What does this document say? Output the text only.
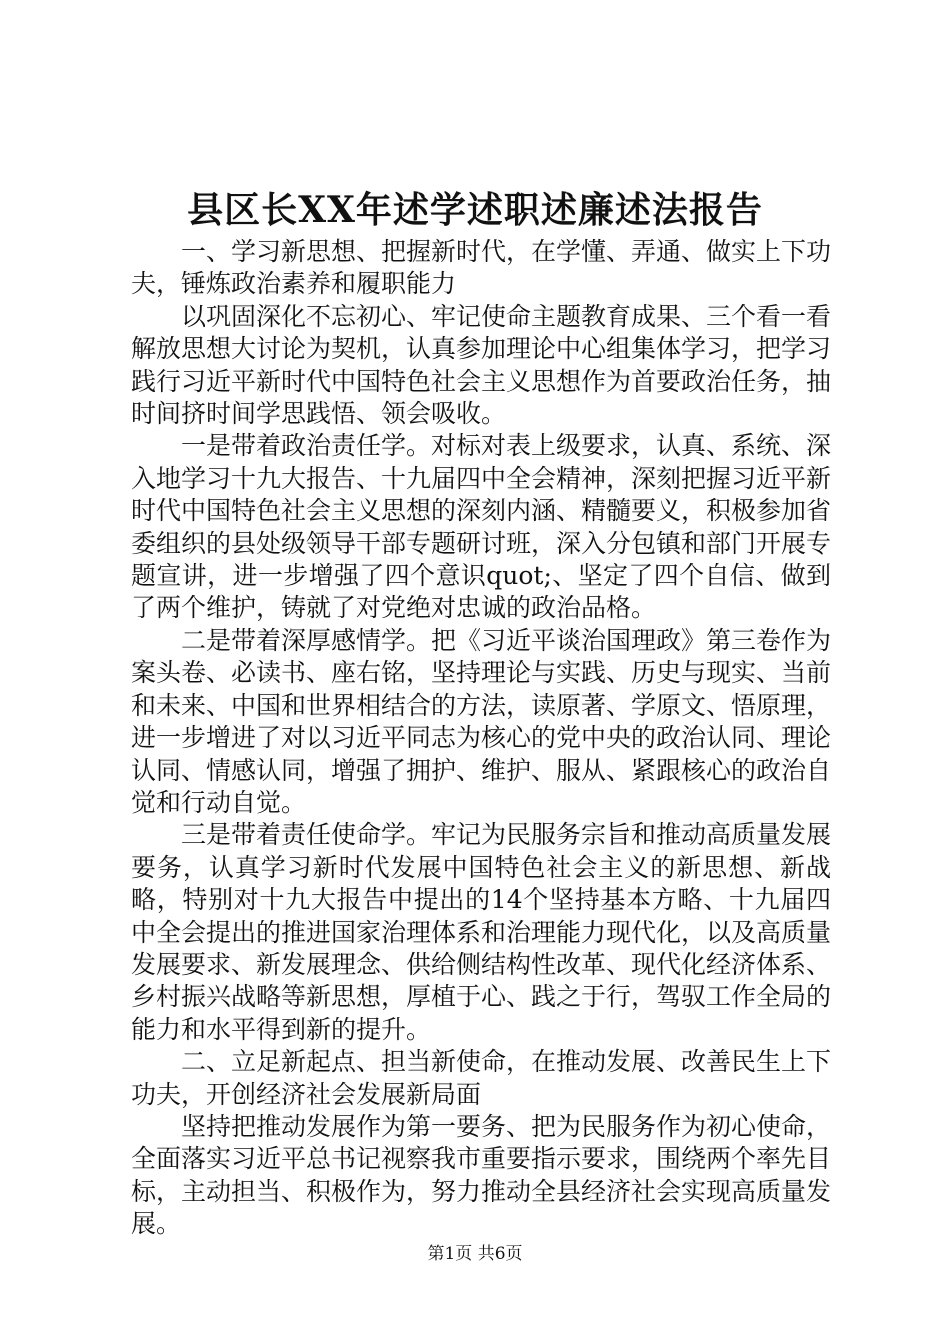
县区长XX年述学述职述廉述法报告

一、学习新思想、把握新时代，在学懂、弄通、做实上下功夫，锤炼政治素养和履职能力

以巩固深化不忘初心、牢记使命主题教育成果、三个看一看解放思想大讨论为契机，认真参加理论中心组集体学习，把学习践行习近平新时代中国特色社会主义思想作为首要政治任务，抽时间挤时间学思践悟、领会吸收。

一是带着政治责任学。对标对表上级要求，认真、系统、深入地学习十九大报告、十九届四中全会精神，深刻把握习近平新时代中国特色社会主义思想的深刻内涵、精髓要义，积极参加省委组织的县处级领导干部专题研讨班，深入分包镇和部门开展专题宣讲，进一步增强了四个意识quot;、坚定了四个自信、做到了两个维护，铸就了对党绝对忠诚的政治品格。

二是带着深厚感情学。把《习近平谈治国理政》第三卷作为案头卷、必读书、座右铭，坚持理论与实践、历史与现实、当前和未来、中国和世界相结合的方法，读原著、学原文、悟原理，进一步增进了对以习近平同志为核心的党中央的政治认同、理论认同、情感认同，增强了拥护、维护、服从、紧跟核心的政治自觉和行动自觉。

三是带着责任使命学。牢记为民服务宗旨和推动高质量发展要务，认真学习新时代发展中国特色社会主义的新思想、新战略，特别对十九大报告中提出的14个坚持基本方略、十九届四中全会提出的推进国家治理体系和治理能力现代化，以及高质量发展要求、新发展理念、供给侧结构性改革、现代化经济体系、乡村振兴战略等新思想，厚植于心、践之于行，驾驭工作全局的能力和水平得到新的提升。

二、立足新起点、担当新使命，在推动发展、改善民生上下功夫，开创经济社会发展新局面

坚持把推动发展作为第一要务、把为民服务作为初心使命，全面落实习近平总书记视察我市重要指示要求，围绕两个率先目标，主动担当、积极作为，努力推动全县经济社会实现高质量发展。

第1页 共6页
